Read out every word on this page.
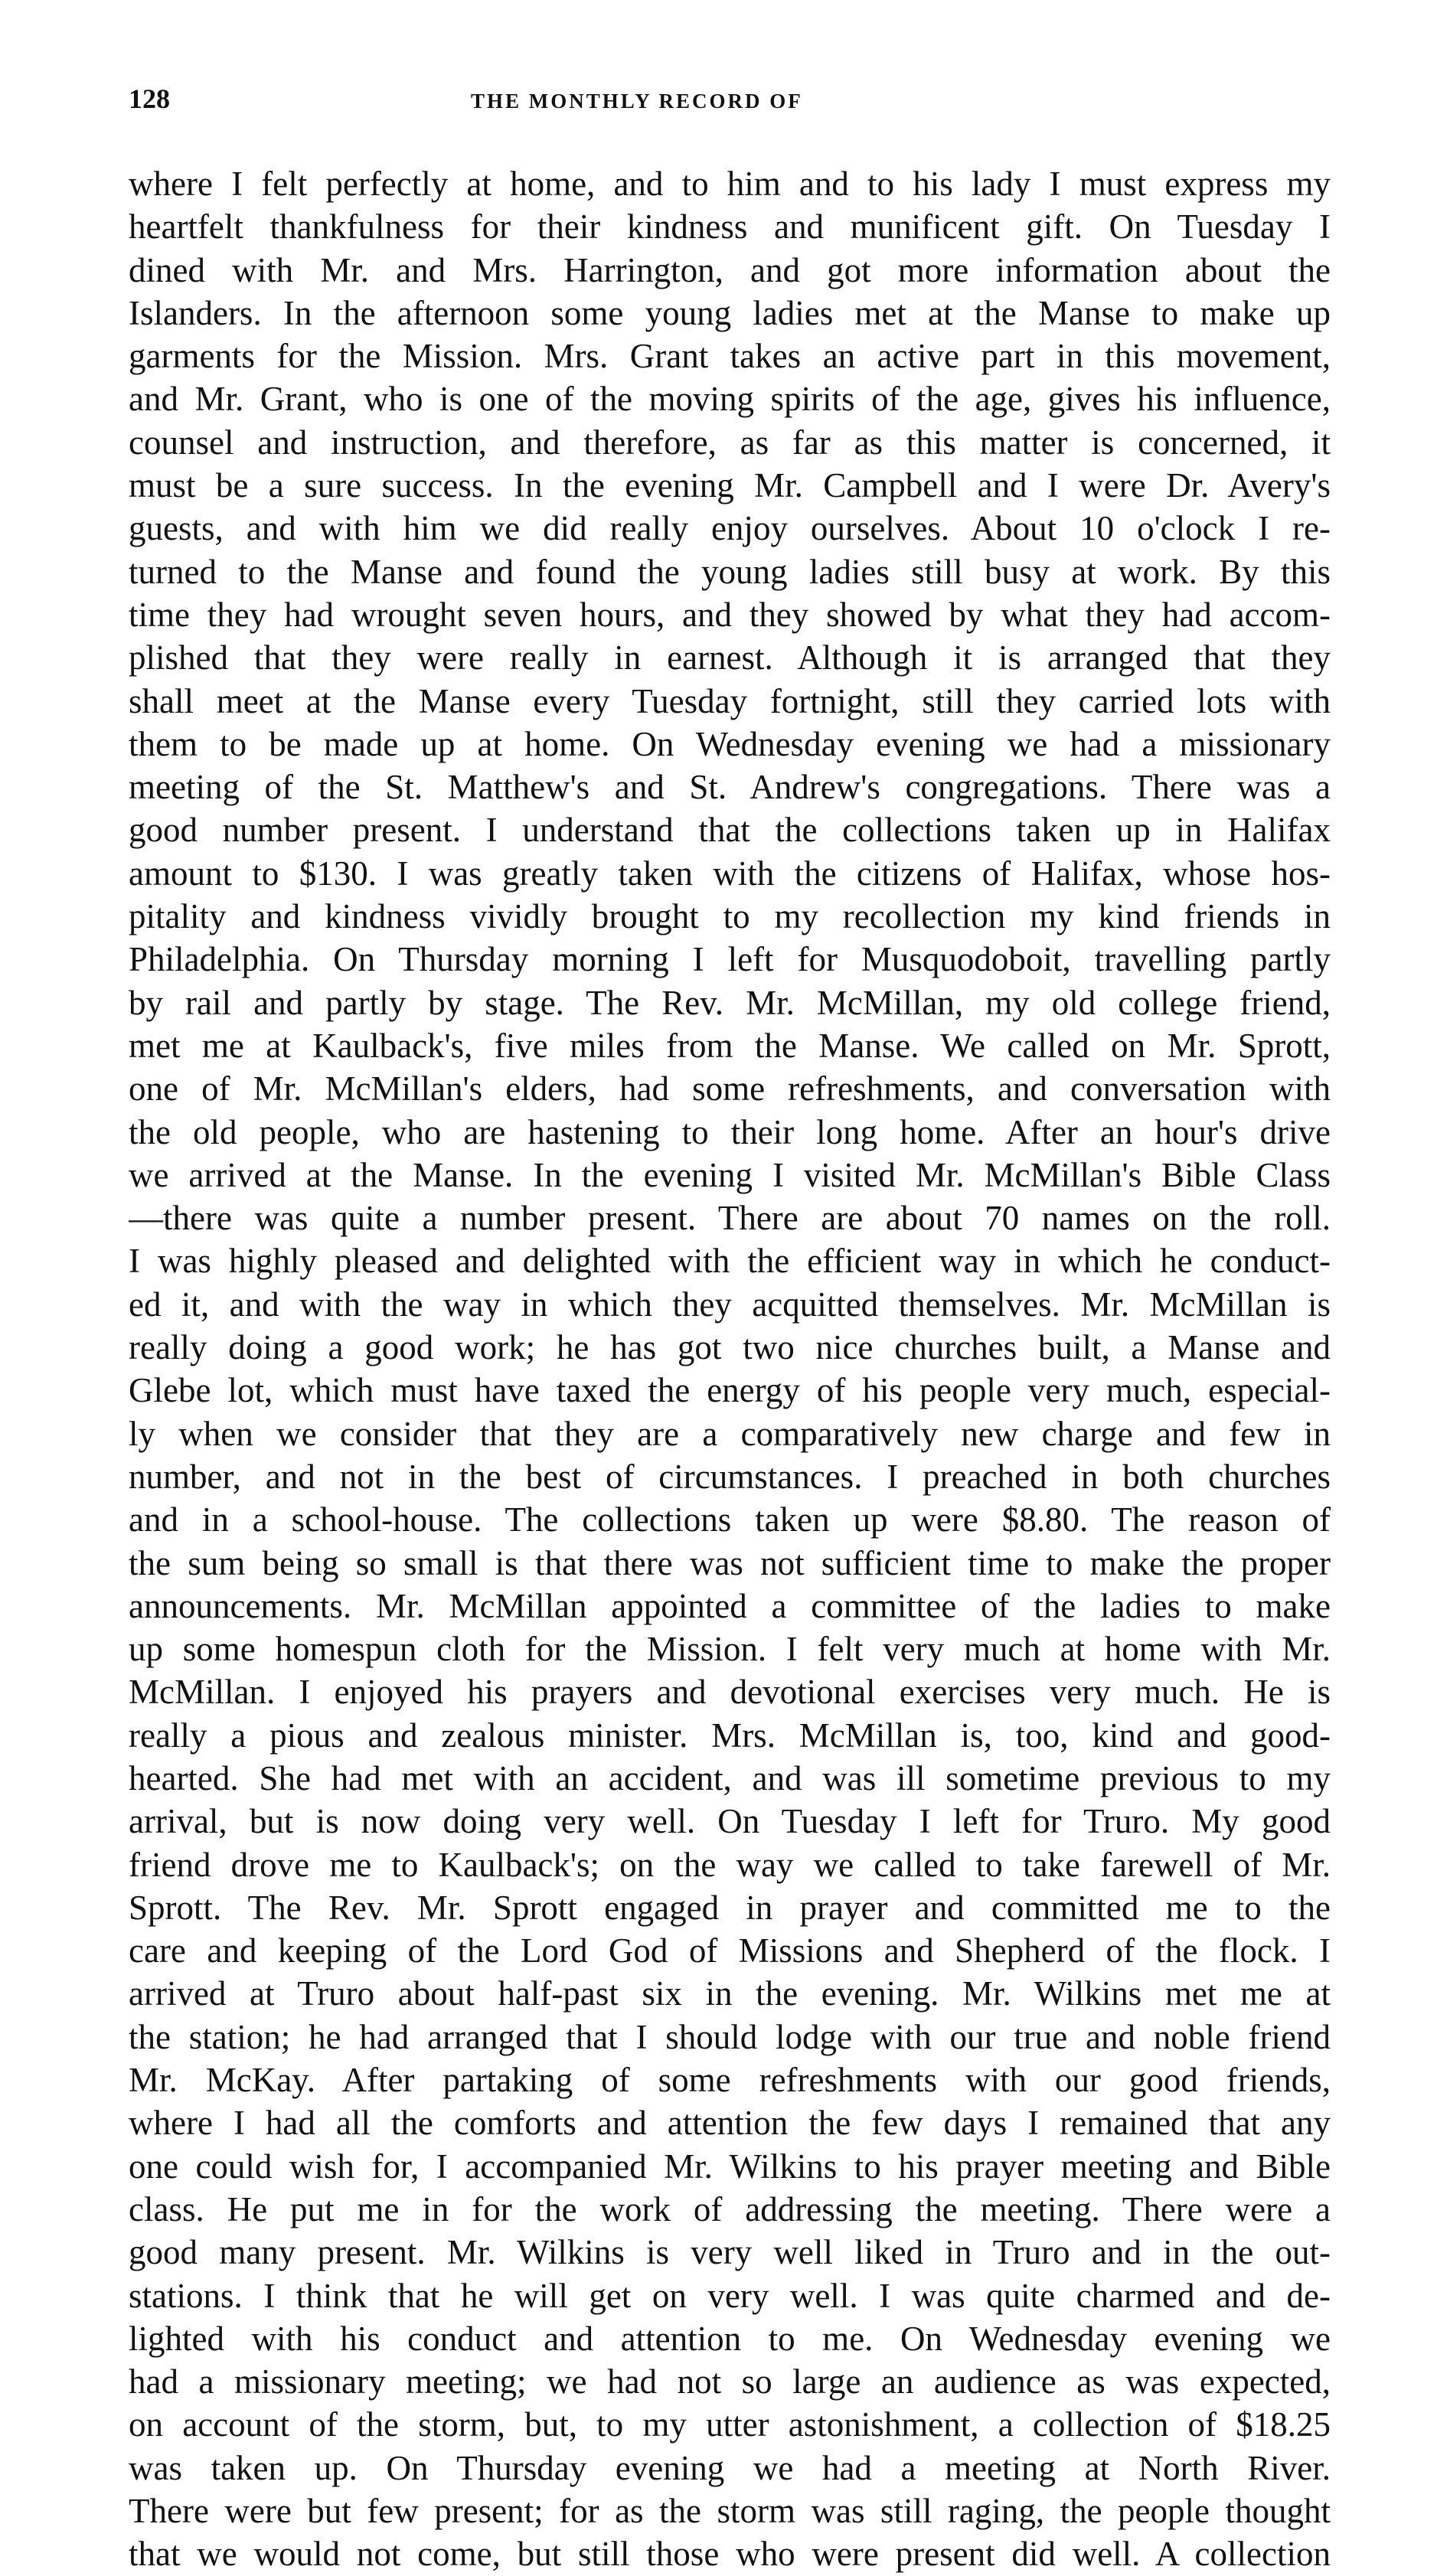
128	THE MONTHLY RECORD OF
where I felt perfectly at home, and to him and to his lady I must express my
heartfelt thankfulness for their kindness and munificent gift. On Tuesday I
dined with Mr. and Mrs. Harrington, and got more information about the
Islanders. In the afternoon some young ladies met at the Manse to make up
garments for the Mission. Mrs. Grant takes an active part in this movement,
and Mr. Grant, who is one of the moving spirits of the age, gives his influence,
counsel and instruction, and therefore, as far as this matter is concerned, it
must be a sure success. In the evening Mr. Campbell and I were Dr. Avery's
guests, and with him we did really enjoy ourselves. About 10 o'clock I re-
turned to the Manse and found the young ladies still busy at work. By this
time they had wrought seven hours, and they showed by what they had accom-
plished that they were really in earnest. Although it is arranged that they
shall meet at the Manse every Tuesday fortnight, still they carried lots with
them to be made up at home. On Wednesday evening we had a missionary
meeting of the St. Matthew's and St. Andrew's congregations. There was a
good number present. I understand that the collections taken up in Halifax
amount to $130. I was greatly taken with the citizens of Halifax, whose hos-
pitality and kindness vividly brought to my recollection my kind friends in
Philadelphia. On Thursday morning I left for Musquodoboit, travelling partly
by rail and partly by stage. The Rev. Mr. McMillan, my old college friend,
met me at Kaulback's, five miles from the Manse. We called on Mr. Sprott,
one of Mr. McMillan's elders, had some refreshments, and conversation with
the old people, who are hastening to their long home. After an hour's drive
we arrived at the Manse. In the evening I visited Mr. McMillan's Bible Class
—there was quite a number present. There are about 70 names on the roll.
I was highly pleased and delighted with the efficient way in which he conduct-
ed it, and with the way in which they acquitted themselves. Mr. McMillan is
really doing a good work; he has got two nice churches built, a Manse and
Glebe lot, which must have taxed the energy of his people very much, especial-
ly when we consider that they are a comparatively new charge and few in
number, and not in the best of circumstances. I preached in both churches
and in a school-house. The collections taken up were $8.80. The reason of
the sum being so small is that there was not sufficient time to make the proper
announcements. Mr. McMillan appointed a committee of the ladies to make
up some homespun cloth for the Mission. I felt very much at home with Mr.
McMillan. I enjoyed his prayers and devotional exercises very much. He is
really a pious and zealous minister. Mrs. McMillan is, too, kind and good-
hearted. She had met with an accident, and was ill sometime previous to my
arrival, but is now doing very well. On Tuesday I left for Truro. My good
friend drove me to Kaulback's; on the way we called to take farewell of Mr.
Sprott. The Rev. Mr. Sprott engaged in prayer and committed me to the
care and keeping of the Lord God of Missions and Shepherd of the flock. I
arrived at Truro about half-past six in the evening. Mr. Wilkins met me at
the station; he had arranged that I should lodge with our true and noble friend
Mr. McKay. After partaking of some refreshments with our good friends,
where I had all the comforts and attention the few days I remained that any
one could wish for, I accompanied Mr. Wilkins to his prayer meeting and Bible
class. He put me in for the work of addressing the meeting. There were a
good many present. Mr. Wilkins is very well liked in Truro and in the out-
stations. I think that he will get on very well. I was quite charmed and de-
lighted with his conduct and attention to me. On Wednesday evening we
had a missionary meeting; we had not so large an audience as was expected,
on account of the storm, but, to my utter astonishment, a collection of $18.25
was taken up. On Thursday evening we had a meeting at North River.
There were but few present; for as the storm was still raging, the people thought
that we would not come, but still those who were present did well. A collection
